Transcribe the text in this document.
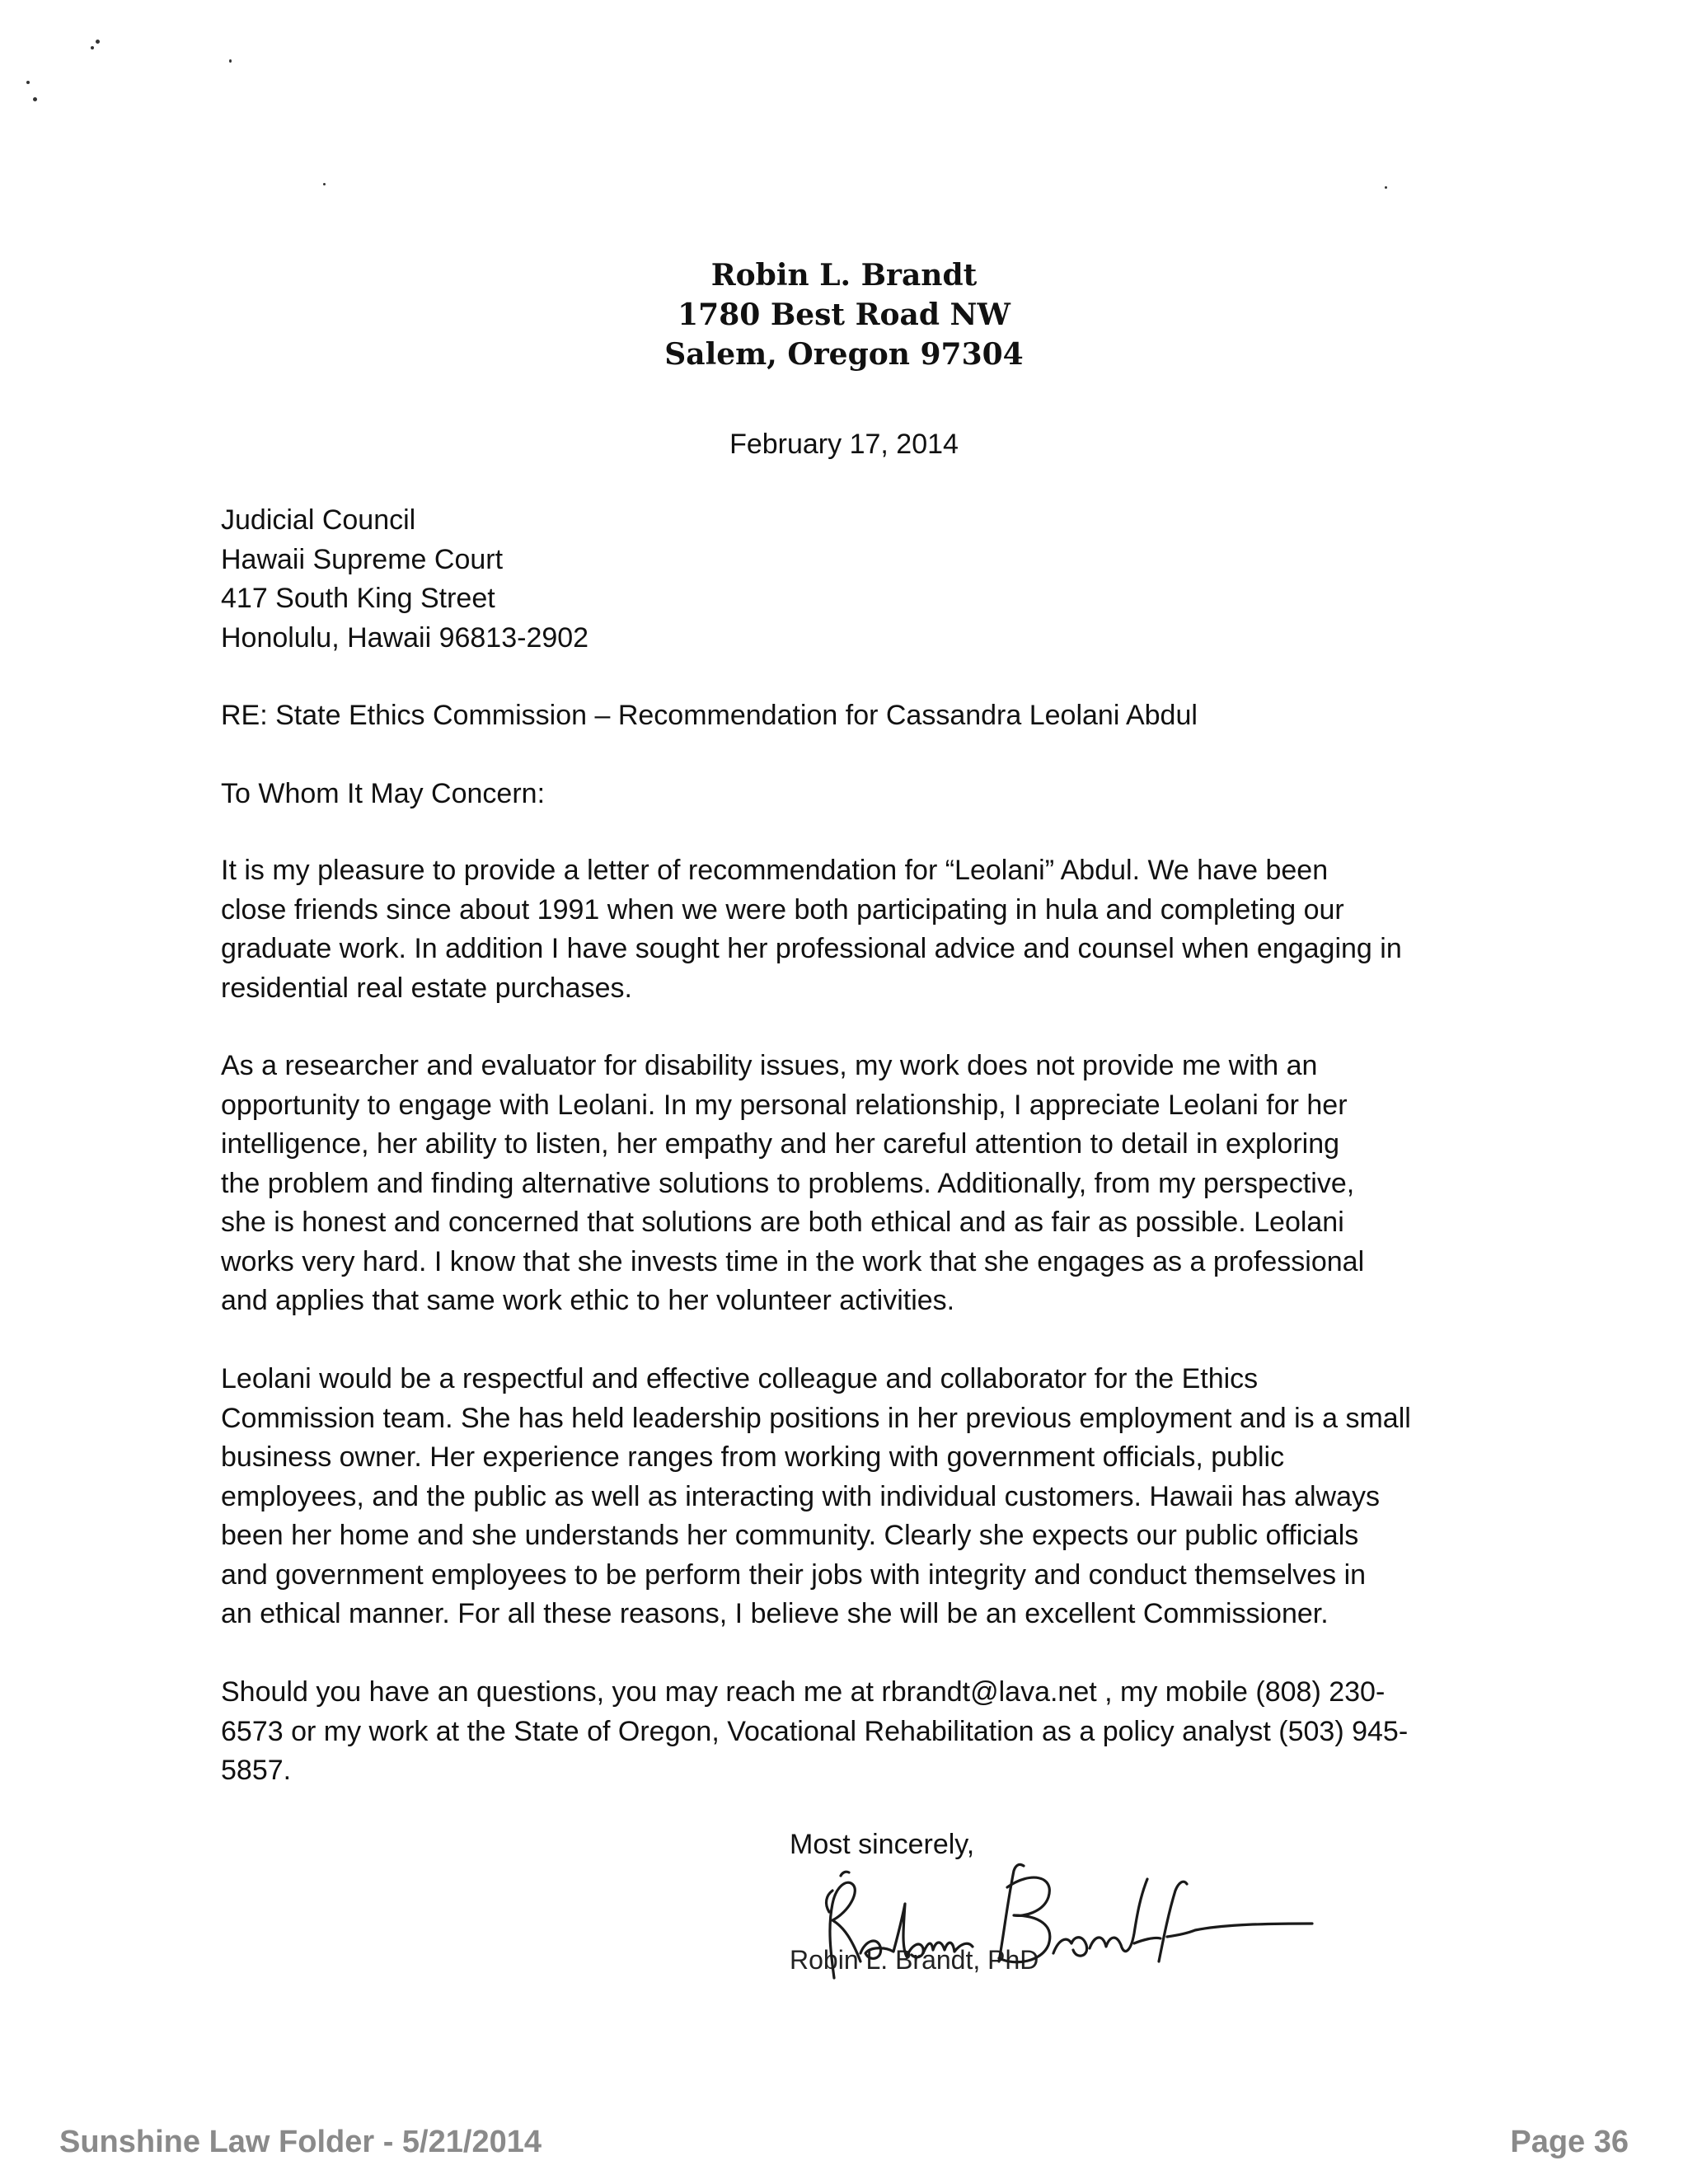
Robin L. Brandt
1780 Best Road NW
Salem, Oregon 97304
February 17, 2014
Judicial Council
Hawaii Supreme Court
417 South King Street
Honolulu, Hawaii 96813-2902
RE: State Ethics Commission – Recommendation for Cassandra Leolani Abdul
To Whom It May Concern:
It is my pleasure to provide a letter of recommendation for “Leolani” Abdul. We have been
close friends since about 1991 when we were both participating in hula and completing our
graduate work. In addition I have sought her professional advice and counsel when engaging in
residential real estate purchases.
As a researcher and evaluator for disability issues, my work does not provide me with an
opportunity to engage with Leolani. In my personal relationship, I appreciate Leolani for her
intelligence, her ability to listen, her empathy and her careful attention to detail in exploring
the problem and finding alternative solutions to problems. Additionally, from my perspective,
she is honest and concerned that solutions are both ethical and as fair as possible. Leolani
works very hard. I know that she invests time in the work that she engages as a professional
and applies that same work ethic to her volunteer activities.
Leolani would be a respectful and effective colleague and collaborator for the Ethics
Commission team. She has held leadership positions in her previous employment and is a small
business owner. Her experience ranges from working with government officials, public
employees, and the public as well as interacting with individual customers. Hawaii has always
been her home and she understands her community. Clearly she expects our public officials
and government employees to be perform their jobs with integrity and conduct themselves in
an ethical manner. For all these reasons, I believe she will be an excellent Commissioner.
Should you have an questions, you may reach me at rbrandt@lava.net , my mobile (808) 230-
6573 or my work at the State of Oregon, Vocational Rehabilitation as a policy analyst (503) 945-
5857.
Most sincerely,
Robin L. Brandt, PhD
Sunshine Law Folder - 5/21/2014	Page 36
